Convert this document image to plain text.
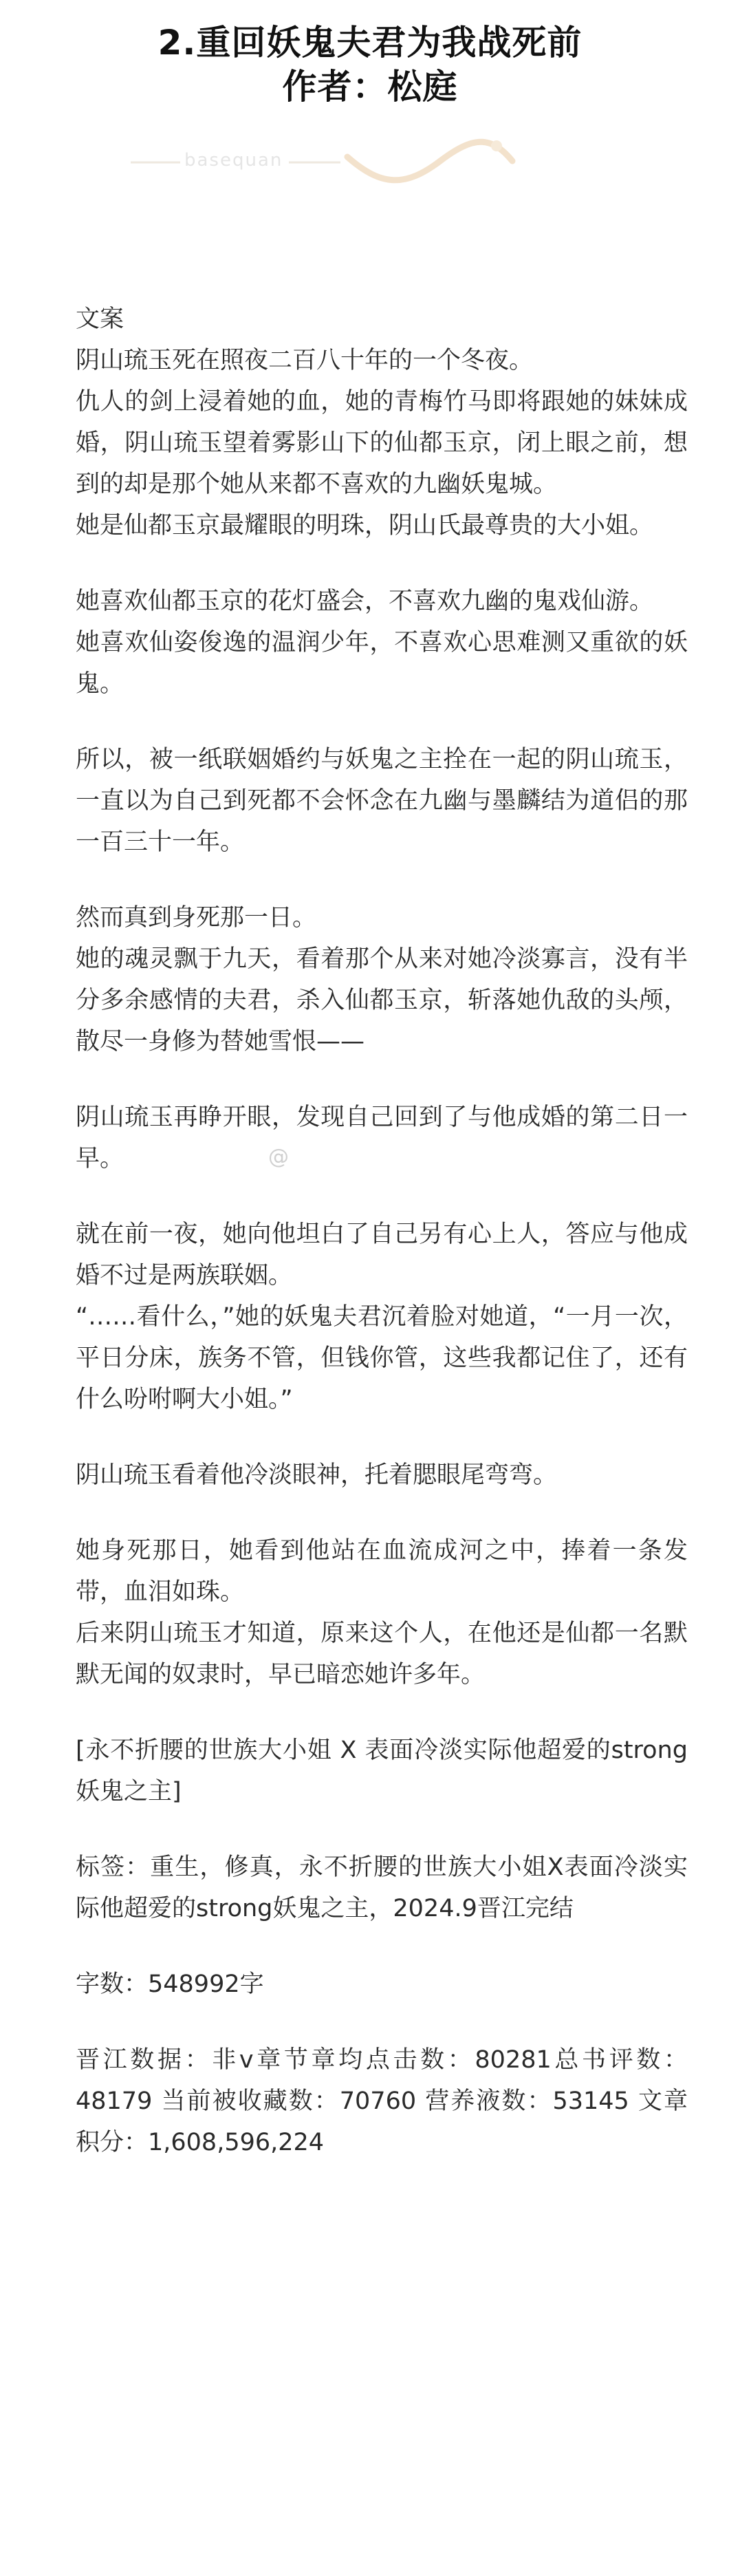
2.重回妖鬼夫君为我战死前
作者：松庭
basequan

文案

阴山琉玉死在照夜二百八十年的一个冬夜。

仇人的剑上浸着她的血，她的青梅竹马即将跟她的妹妹成婚，阴山琉玉望着雾影山下的仙都玉京，闭上眼之前，想到的却是那个她从来都不喜欢的九幽妖鬼城。

她是仙都玉京最耀眼的明珠，阴山氏最尊贵的大小姐。

她喜欢仙都玉京的花灯盛会，不喜欢九幽的鬼戏仙游。

她喜欢仙姿俊逸的温润少年，不喜欢心思难测又重欲的妖鬼。

所以，被一纸联姻婚约与妖鬼之主拴在一起的阴山琉玉，一直以为自己到死都不会怀念在九幽与墨麟结为道侣的那一百三十一年。

然而真到身死那一日。

她的魂灵飘于九天，看着那个从来对她冷淡寡言，没有半分多余感情的夫君，杀入仙都玉京，斩落她仇敌的头颅，散尽一身修为替她雪恨——

阴山琉玉再睁开眼，发现自己回到了与他成婚的第二日一早。

就在前一夜，她向他坦白了自己另有心上人，答应与他成婚不过是两族联姻。

“……看什么，”她的妖鬼夫君沉着脸对她道，“一月一次，平日分床，族务不管，但钱你管，这些我都记住了，还有什么吩咐啊大小姐。”

阴山琉玉看着他冷淡眼神，托着腮眼尾弯弯。

她身死那日，她看到他站在血流成河之中，捧着一条发带，血泪如珠。

后来阴山琉玉才知道，原来这个人，在他还是仙都一名默默无闻的奴隶时，早已暗恋她许多年。

[永不折腰的世族大小姐 X 表面冷淡实际他超爱的strong妖鬼之主]

标签：重生，修真，永不折腰的世族大小姐X表面冷淡实际他超爱的strong妖鬼之主，2024.9晋江完结

字数：548992字

晋江数据：非v章节章均点击数：80281总书评数：48179 当前被收藏数：70760 营养液数：53145 文章积分：1,608,596,224

@
